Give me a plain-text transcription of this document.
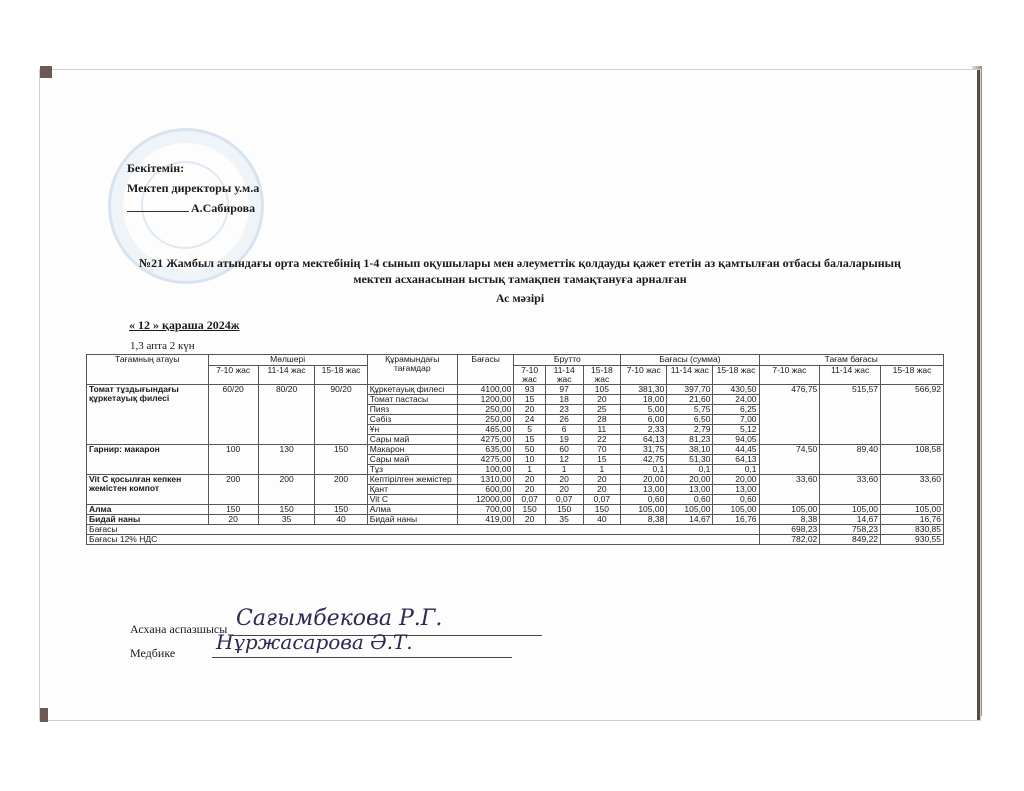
Бекітемін:
Мектеп директоры у.м.а
А.Сабирова
№21 Жамбыл атындағы орта мектебінің 1-4 сынып оқушылары мен әлеуметтік қолдауды қажет ететін аз қамтылған отбасы балаларының
мектеп асханасынан ыстық тамақпен тамақтануға арналған
Ас мәзірі
« 12 » қараша 2024ж
1,3 апта 2 күн
Тағамның атауы	Мөлшері			Құрамындағы тағамдар	Бағасы	Брутто			Бағасы (сумма)			Тағам бағасы		
	7-10 жас	11-14 жас	15-18 жас			7-10 жас	11-14 жас	15-18 жас	7-10 жас	11-14 жас	15-18 жас	7-10 жас	11-14 жас	15-18 жас
Томат тұздығындағы құркетауық филесі	60/20	80/20	90/20	Құркетауық филесі	4100,00	93	97	105	381,30	397,70	430,50	476,75	515,57	566,92
				Томат пастасы	1200,00	15	18	20	18,00	21,60	24,00			
				Пияз	250,00	20	23	25	5,00	5,75	6,25			
				Сәбіз	250,00	24	26	28	6,00	6,50	7,00			
				Ұн	465,00	5	6	11	2,33	2,79	5,12			
				Сары май	4275,00	15	19	22	64,13	81,23	94,05			
Гарнир: макарон	100	130	150	Макарон	635,00	50	60	70	31,75	38,10	44,45	74,50	89,40	108,58
				Сары май	4275,00	10	12	15	42,75	51,30	64,13			
				Тұз	100,00	1	1	1	0,1	0,1	0,1			
Vit C қосылған кепкен жемістен компот	200	200	200	Кептірілген жемістер	1310,00	20	20	20	20,00	20,00	20,00	33,60	33,60	33,60
				Қант	600,00	20	20	20	13,00	13,00	13,00			
				Vit C	12000,00	0,07	0,07	0,07	0,60	0,60	0,60			
Алма	150	150	150	Алма	700,00	150	150	150	105,00	105,00	105,00	105,00	105,00	105,00
Бидай наны	20	35	40	Бидай наны	419,00	20	35	40	8,38	14,67	16,76	8,38	14,67	16,76
Бағасы												698,23	758,23	830,85
Бағасы 12% НДС												782,02	849,22	930,55
Асхана аспазшысы Сағымбекова Р.Г.
Медбике Нұржасарова Ә.Т.
